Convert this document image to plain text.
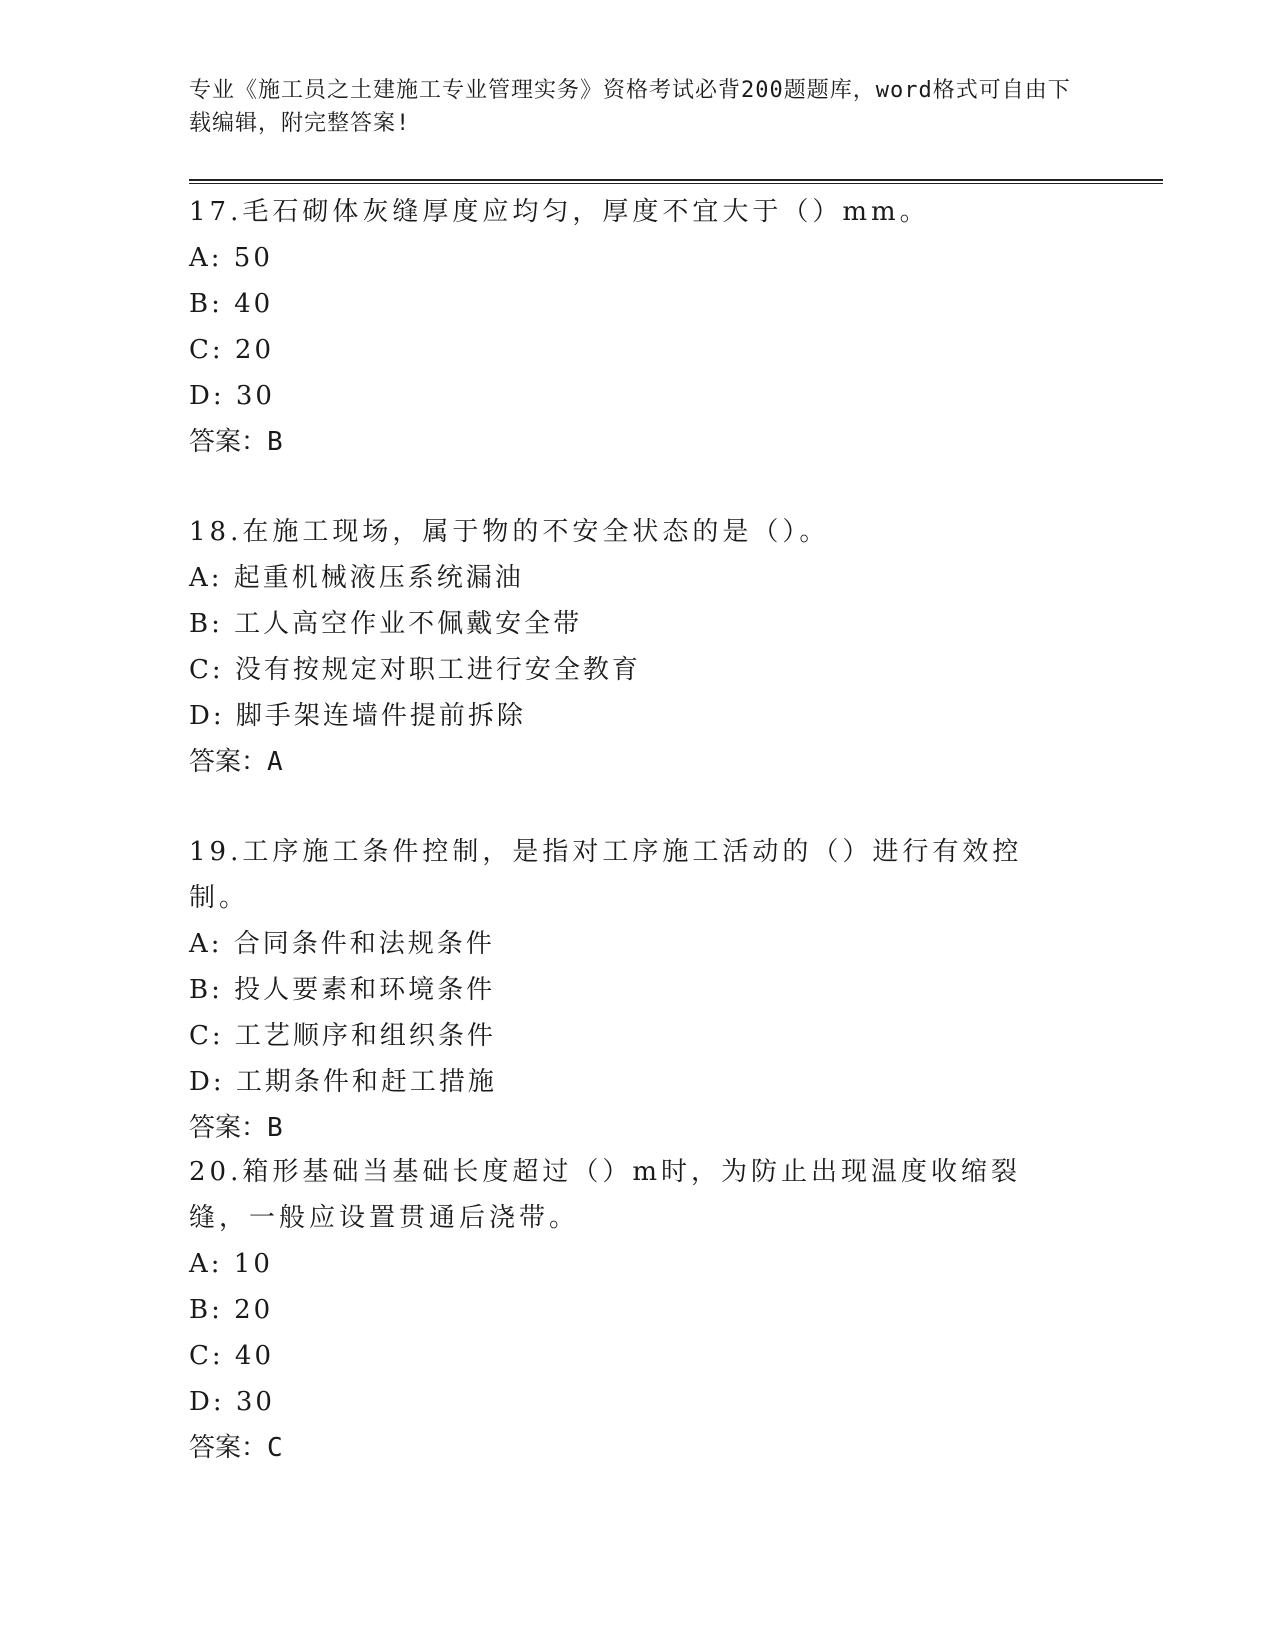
专业《施工员之土建施工专业管理实务》资格考试必背200题题库，word格式可自由下载编辑，附完整答案!

17.毛石砌体灰缝厚度应均匀，厚度不宜大于（）mm。

A: 50

B: 40

C: 20

D: 30

答案：B

18.在施工现场，属于物的不安全状态的是（）。

A: 起重机械液压系统漏油

B: 工人高空作业不佩戴安全带

C: 没有按规定对职工进行安全教育

D: 脚手架连墙件提前拆除

答案：A

19.工序施工条件控制，是指对工序施工活动的（）进行有效控制。

A: 合同条件和法规条件

B: 投人要素和环境条件

C: 工艺顺序和组织条件

D: 工期条件和赶工措施

答案：B

20.箱形基础当基础长度超过（）m时，为防止出现温度收缩裂缝，一般应设置贯通后浇带。

A: 10

B: 20

C: 40

D: 30

答案：C
